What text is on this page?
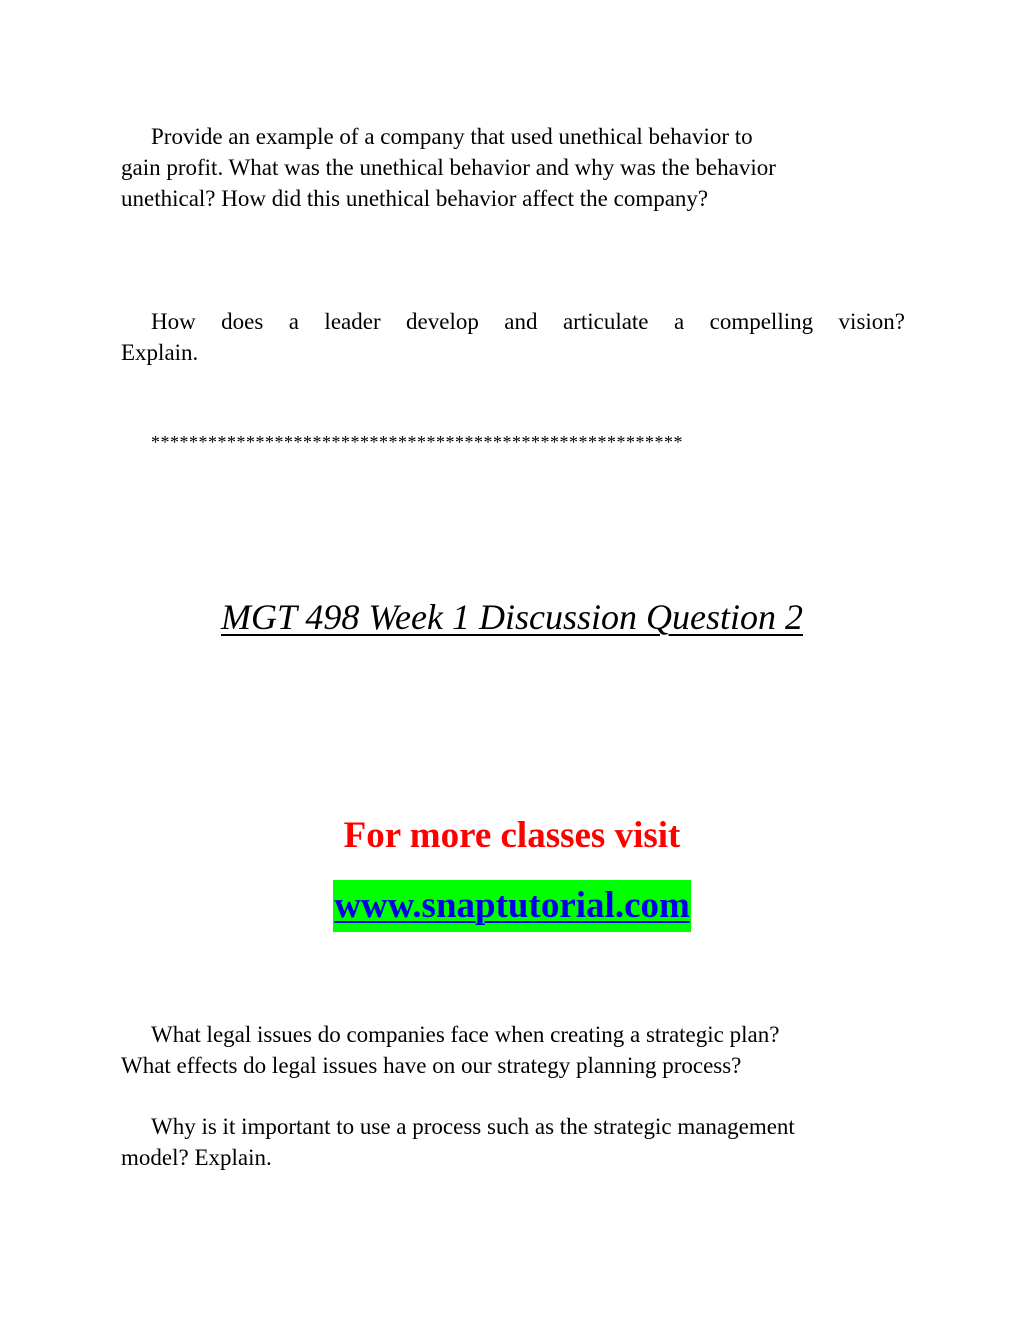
Provide an example of a company that used unethical behavior to
gain profit. What was the unethical behavior and why was the behavior
unethical? How did this unethical behavior affect the company?
How does a leader develop and articulate a compelling vision?
Explain.
********************************************************
MGT 498 Week 1 Discussion Question 2
For more classes visit
www.snaptutorial.com
What legal issues do companies face when creating a strategic plan?
What effects do legal issues have on our strategy planning process?
Why is it important to use a process such as the strategic management
model? Explain.
